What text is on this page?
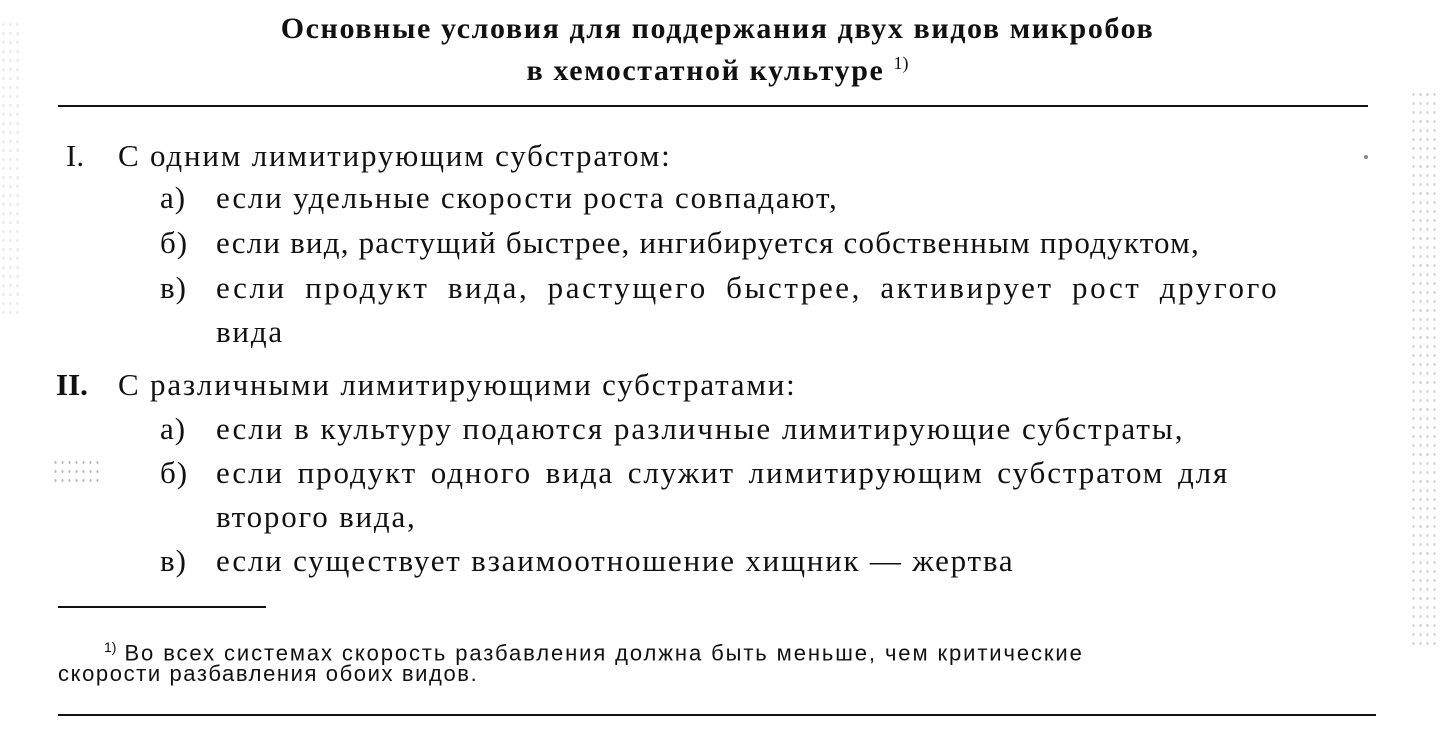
Основные условия для поддержания двух видов микробов
в хемостатной культуре $^{1)}$
I. С одним лимитирующим субстратом:
а) если удельные скорости роста совпадают,
б) если вид, растущий быстрее, ингибируется собственным продуктом,
в) если продукт вида, растущего быстрее, активирует рост другого
вида
II. С различными лимитирующими субстратами:
а) если в культуру подаются различные лимитирующие субстраты,
б) если продукт одного вида служит лимитирующим субстратом для
второго вида,
в) если существует взаимоотношение хищник — жертва
$^{1)}$ Во всех системах скорость разбавления должна быть меньше, чем критические
скорости разбавления обоих видов.
